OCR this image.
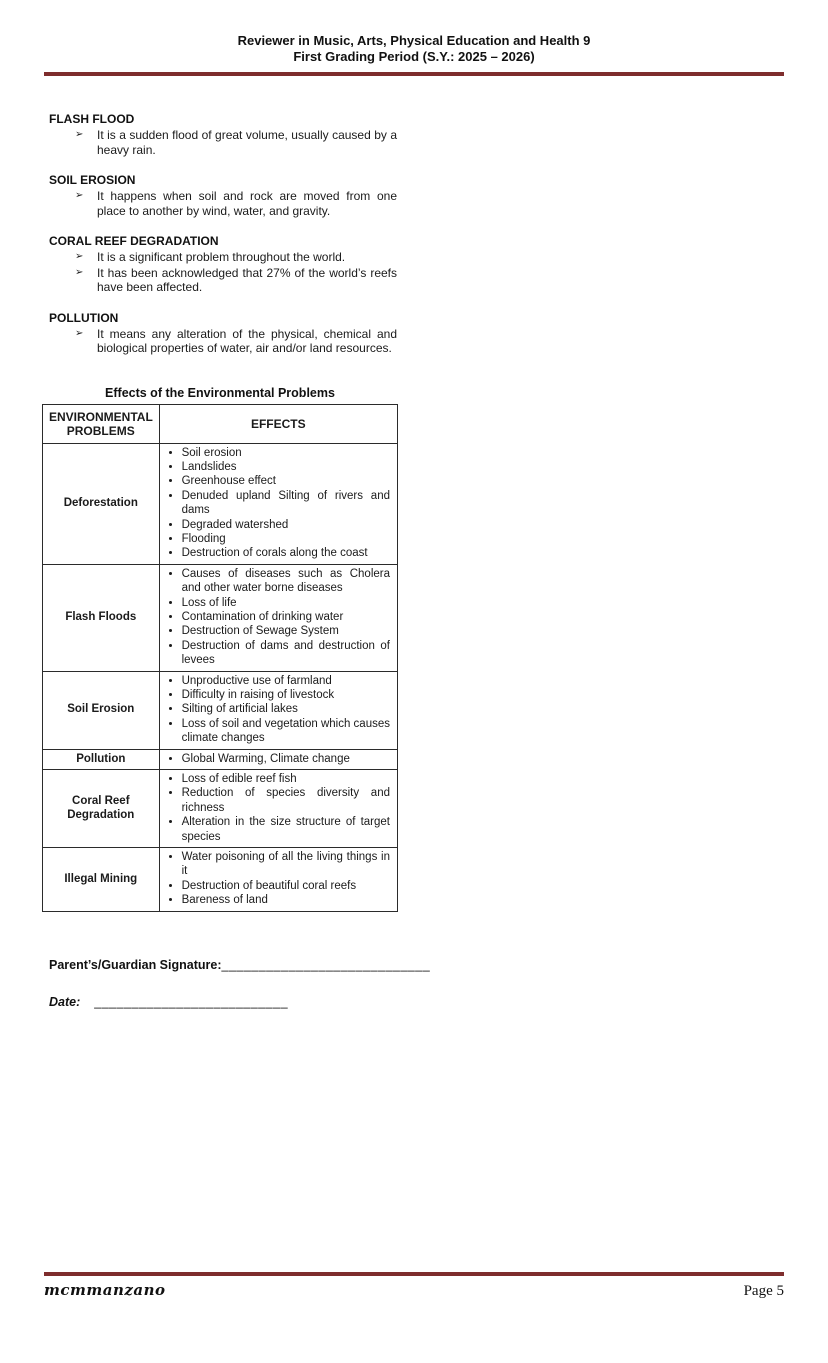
Reviewer in Music, Arts, Physical Education and Health 9
First Grading Period (S.Y.: 2025 – 2026)
FLASH FLOOD
➢	It is a sudden flood of great volume, usually caused by a heavy rain.
SOIL EROSION
➢	It happens when soil and rock are moved from one place to another by wind, water, and gravity.
CORAL REEF DEGRADATION
➢	It is a significant problem throughout the world.
➢	It has been acknowledged that 27% of the world’s reefs have been affected.
POLLUTION
➢	It means any alteration of the physical, chemical and biological properties of water, air and/or land resources.
Effects of the Environmental Problems
ENVIRONMENTAL PROBLEMS	EFFECTS
Deforestation	
• Soil erosion
• Landslides
• Greenhouse effect
• Denuded upland Silting of rivers and dams
• Degraded watershed
• Flooding
• Destruction of corals along the coast

Flash Floods	
• Causes of diseases such as Cholera and other water borne diseases
• Loss of life
• Contamination of drinking water
• Destruction of Sewage System
• Destruction of dams and destruction of levees

Soil Erosion	
• Unproductive use of farmland
• Difficulty in raising of livestock
• Silting of artificial lakes
• Loss of soil and vegetation which causes climate changes

Pollution	
•Global Warming, Climate change

Coral Reef Degradation	
• Loss of edible reef fish
• Reduction of species diversity and richness
• Alteration in the size structure of target species

Illegal Mining	
• Water poisoning of all the living things in it
• Destruction of beautiful coral reefs
• Bareness of land
Parent’s/Guardian Signature:____________________________
Date: __________________________
mcmmanzano	Page 5
